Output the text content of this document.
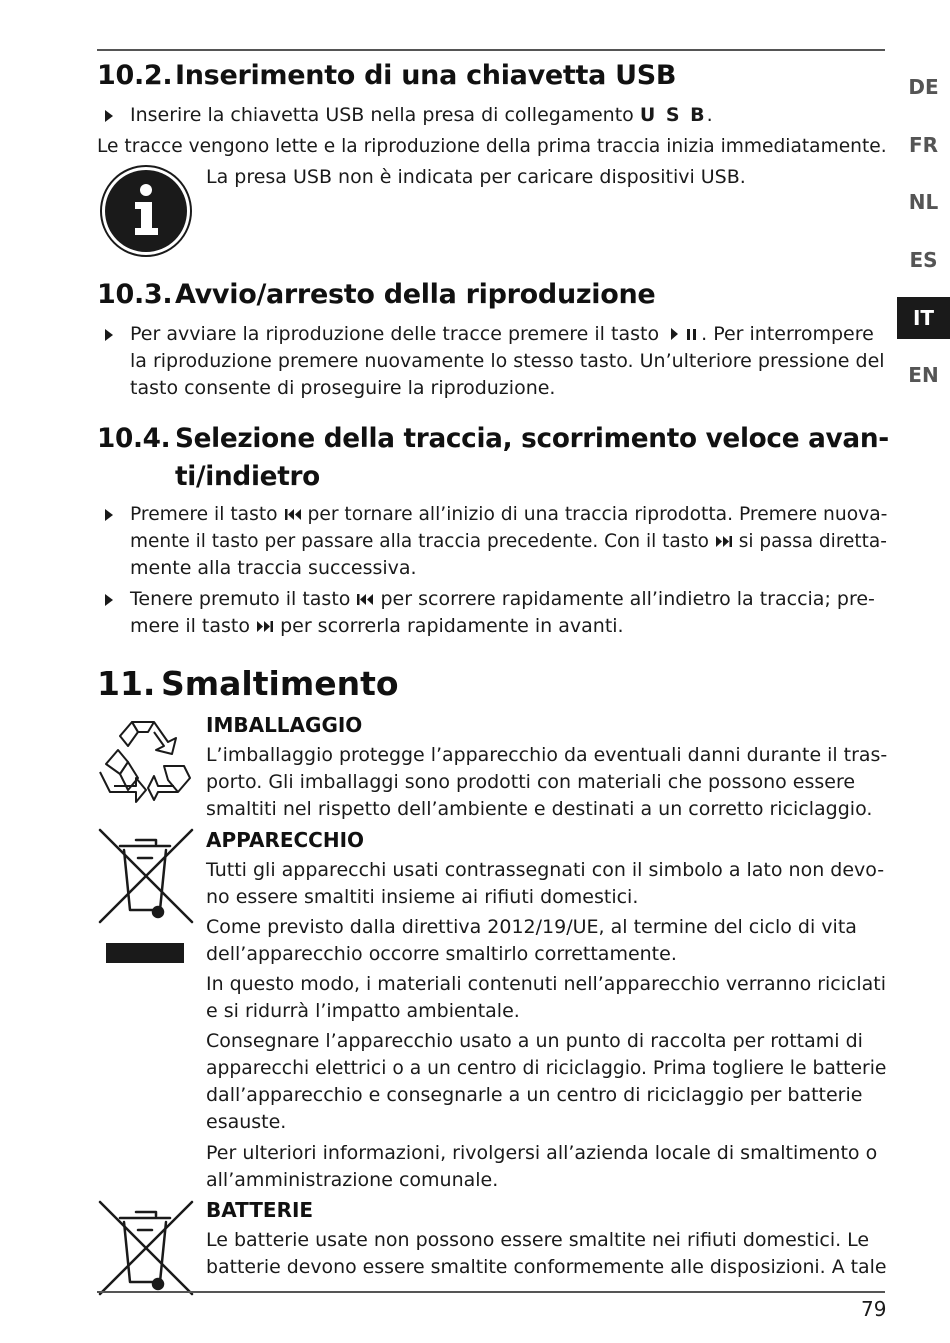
DE
FR
NL
ES
IT
EN
10.2.Inserimento di una chiavetta USB
Inserire la chiavetta USB nella presa di collegamento U S B.
Le tracce vengono lette e la riproduzione della prima traccia inizia immediatamente.
La presa USB non è indicata per caricare dispositivi USB.
10.3.Avvio/arresto della riproduzione
Per avviare la riproduzione delle tracce premere il tasto . Per interrompere
la riproduzione premere nuovamente lo stesso tasto. Un’ulteriore pressione del
tasto consente di proseguire la riproduzione.
10.4. Selezione della traccia, scorrimento veloce avan-
ti/indietro
Premere il tasto per tornare all’inizio di una traccia riprodotta. Premere nuova-
mente il tasto per passare alla traccia precedente. Con il tasto si passa diretta-
mente alla traccia successiva.
Tenere premuto il tasto per scorrere rapidamente all’indietro la traccia; pre-
mere il tasto per scorrerla rapidamente in avanti.
11. Smaltimento
IMBALLAGGIO
L’imballaggio protegge l’apparecchio da eventuali danni durante il tras-
porto. Gli imballaggi sono prodotti con materiali che possono essere
smaltiti nel rispetto dell’ambiente e destinati a un corretto riciclaggio.
APPARECCHIO
Tutti gli apparecchi usati contrassegnati con il simbolo a lato non devo-
no essere smaltiti insieme ai rifiuti domestici.
Come previsto dalla direttiva 2012/19/UE, al termine del ciclo di vita
dell’apparecchio occorre smaltirlo correttamente.
In questo modo, i materiali contenuti nell’apparecchio verranno riciclati
e si ridurrà l’impatto ambientale.
Consegnare l’apparecchio usato a un punto di raccolta per rottami di
apparecchi elettrici o a un centro di riciclaggio. Prima togliere le batterie
dall’apparecchio e consegnarle a un centro di riciclaggio per batterie
esauste.
Per ulteriori informazioni, rivolgersi all’azienda locale di smaltimento o
all’amministrazione comunale.
BATTERIE
Le batterie usate non possono essere smaltite nei rifiuti domestici. Le
batterie devono essere smaltite conformemente alle disposizioni. A tale
79
